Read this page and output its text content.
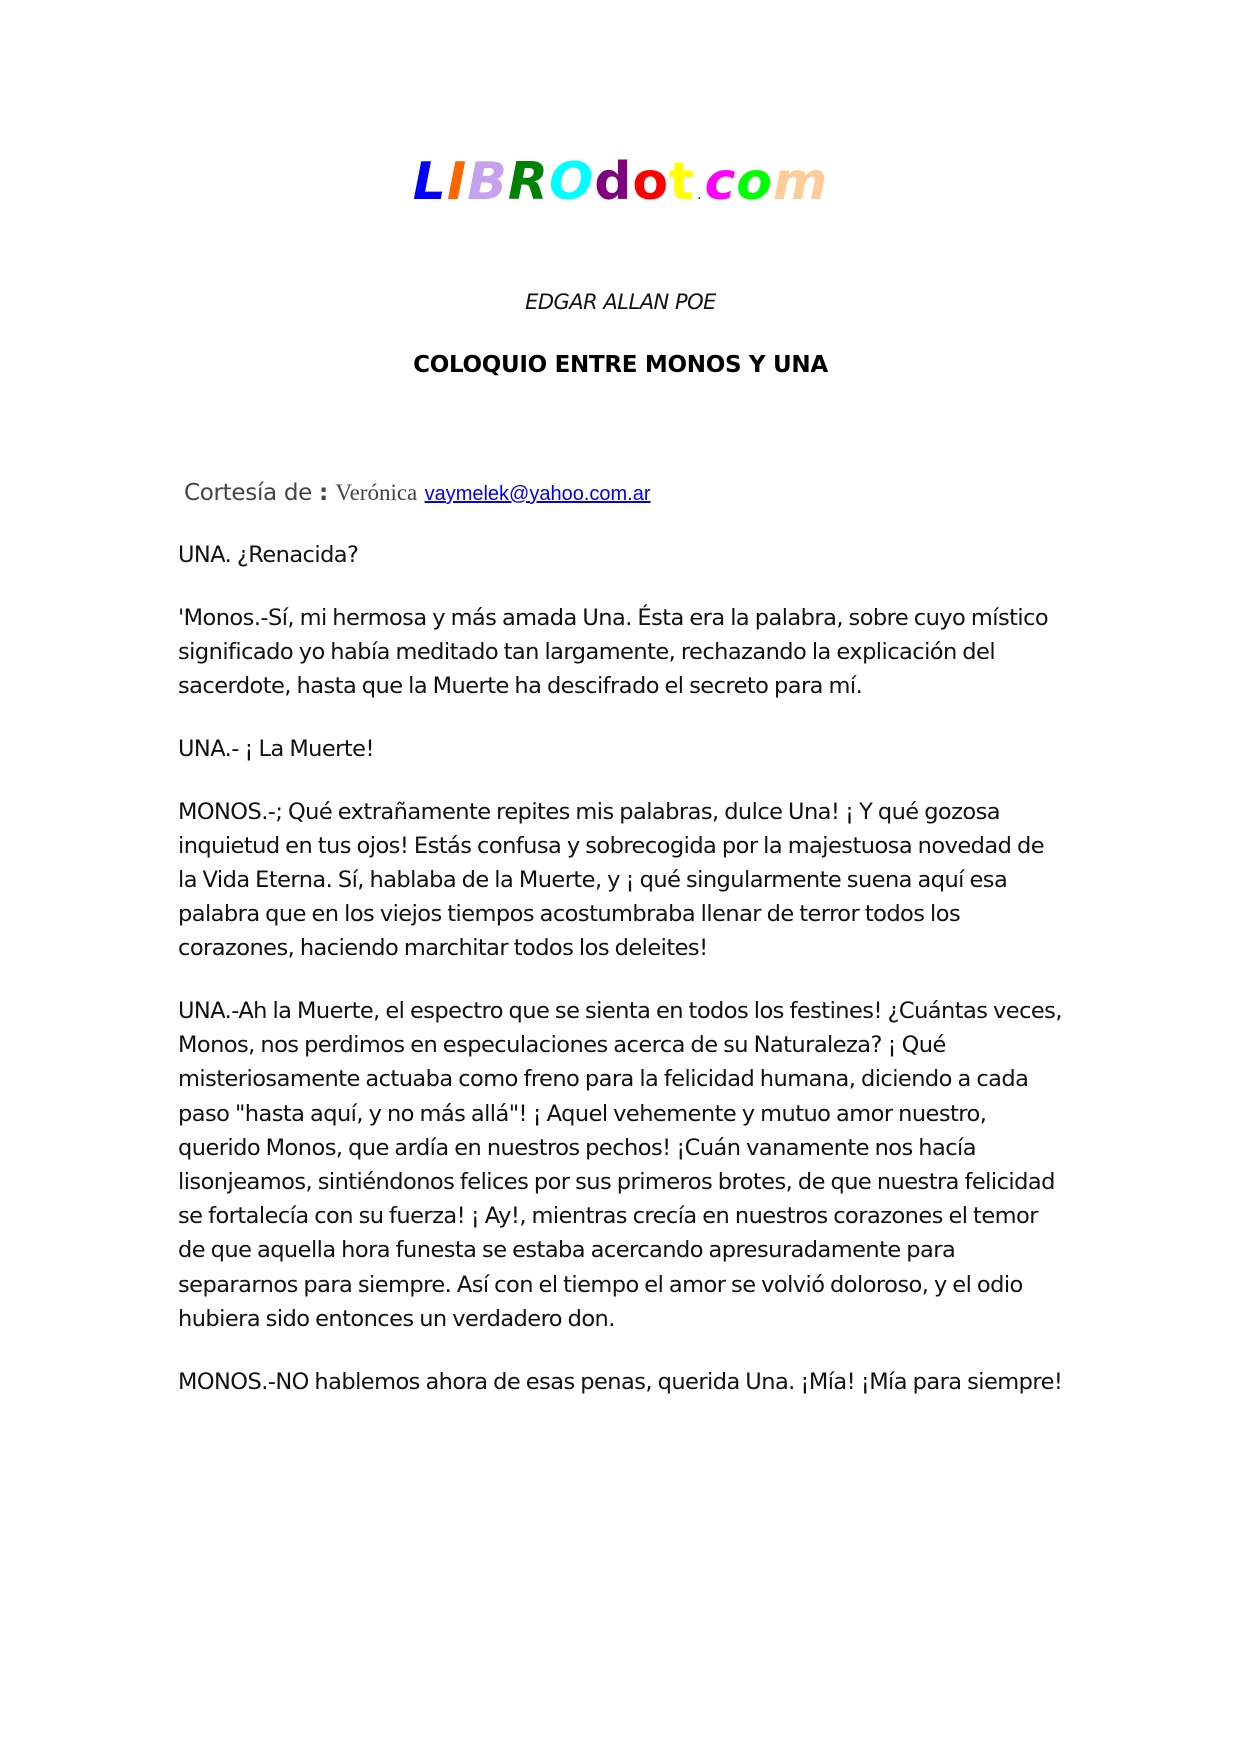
LIBROdot .com
EDGAR ALLAN POE
COLOQUIO ENTRE MONOS Y UNA
Cortesía de : Verónica vaymelek@yahoo.com.ar

UNA. ¿Renacida?

'Monos.-Sí, mi hermosa y más amada Una. Ésta era la palabra, sobre cuyo místico significado yo había meditado tan largamente, rechazando la explicación del sacerdote, hasta que la Muerte ha descifrado el secreto para mí.

UNA.- ¡ La Muerte!

MONOS.-; Qué extrañamente repites mis palabras, dulce Una! ¡ Y qué gozosa inquietud en tus ojos! Estás confusa y sobrecogida por la majestuosa novedad de la Vida Eterna. Sí, hablaba de la Muerte, y ¡ qué singularmente suena aquí esa palabra que en los viejos tiempos acostumbraba llenar de terror todos los corazones, haciendo marchitar todos los deleites!

UNA.-Ah la Muerte, el espectro que se sienta en todos los festines! ¿Cuántas veces, Monos, nos perdimos en especulaciones acerca de su Naturaleza? ¡ Qué misteriosamente actuaba como freno para la felicidad humana, diciendo a cada paso "hasta aquí, y no más allá"! ¡ Aquel vehemente y mutuo amor nuestro, querido Monos, que ardía en nuestros pechos! ¡Cuán vanamente nos hacía lisonjeamos, sintiéndonos felices por sus primeros brotes, de que nuestra felicidad se fortalecía con su fuerza! ¡ Ay!, mientras crecía en nuestros corazones el temor de que aquella hora funesta se estaba acercando apresuradamente para separarnos para siempre. Así con el tiempo el amor se volvió doloroso, y el odio hubiera sido entonces un verdadero don.

MONOS.-NO hablemos ahora de esas penas, querida Una. ¡Mía! ¡Mía para siempre!
